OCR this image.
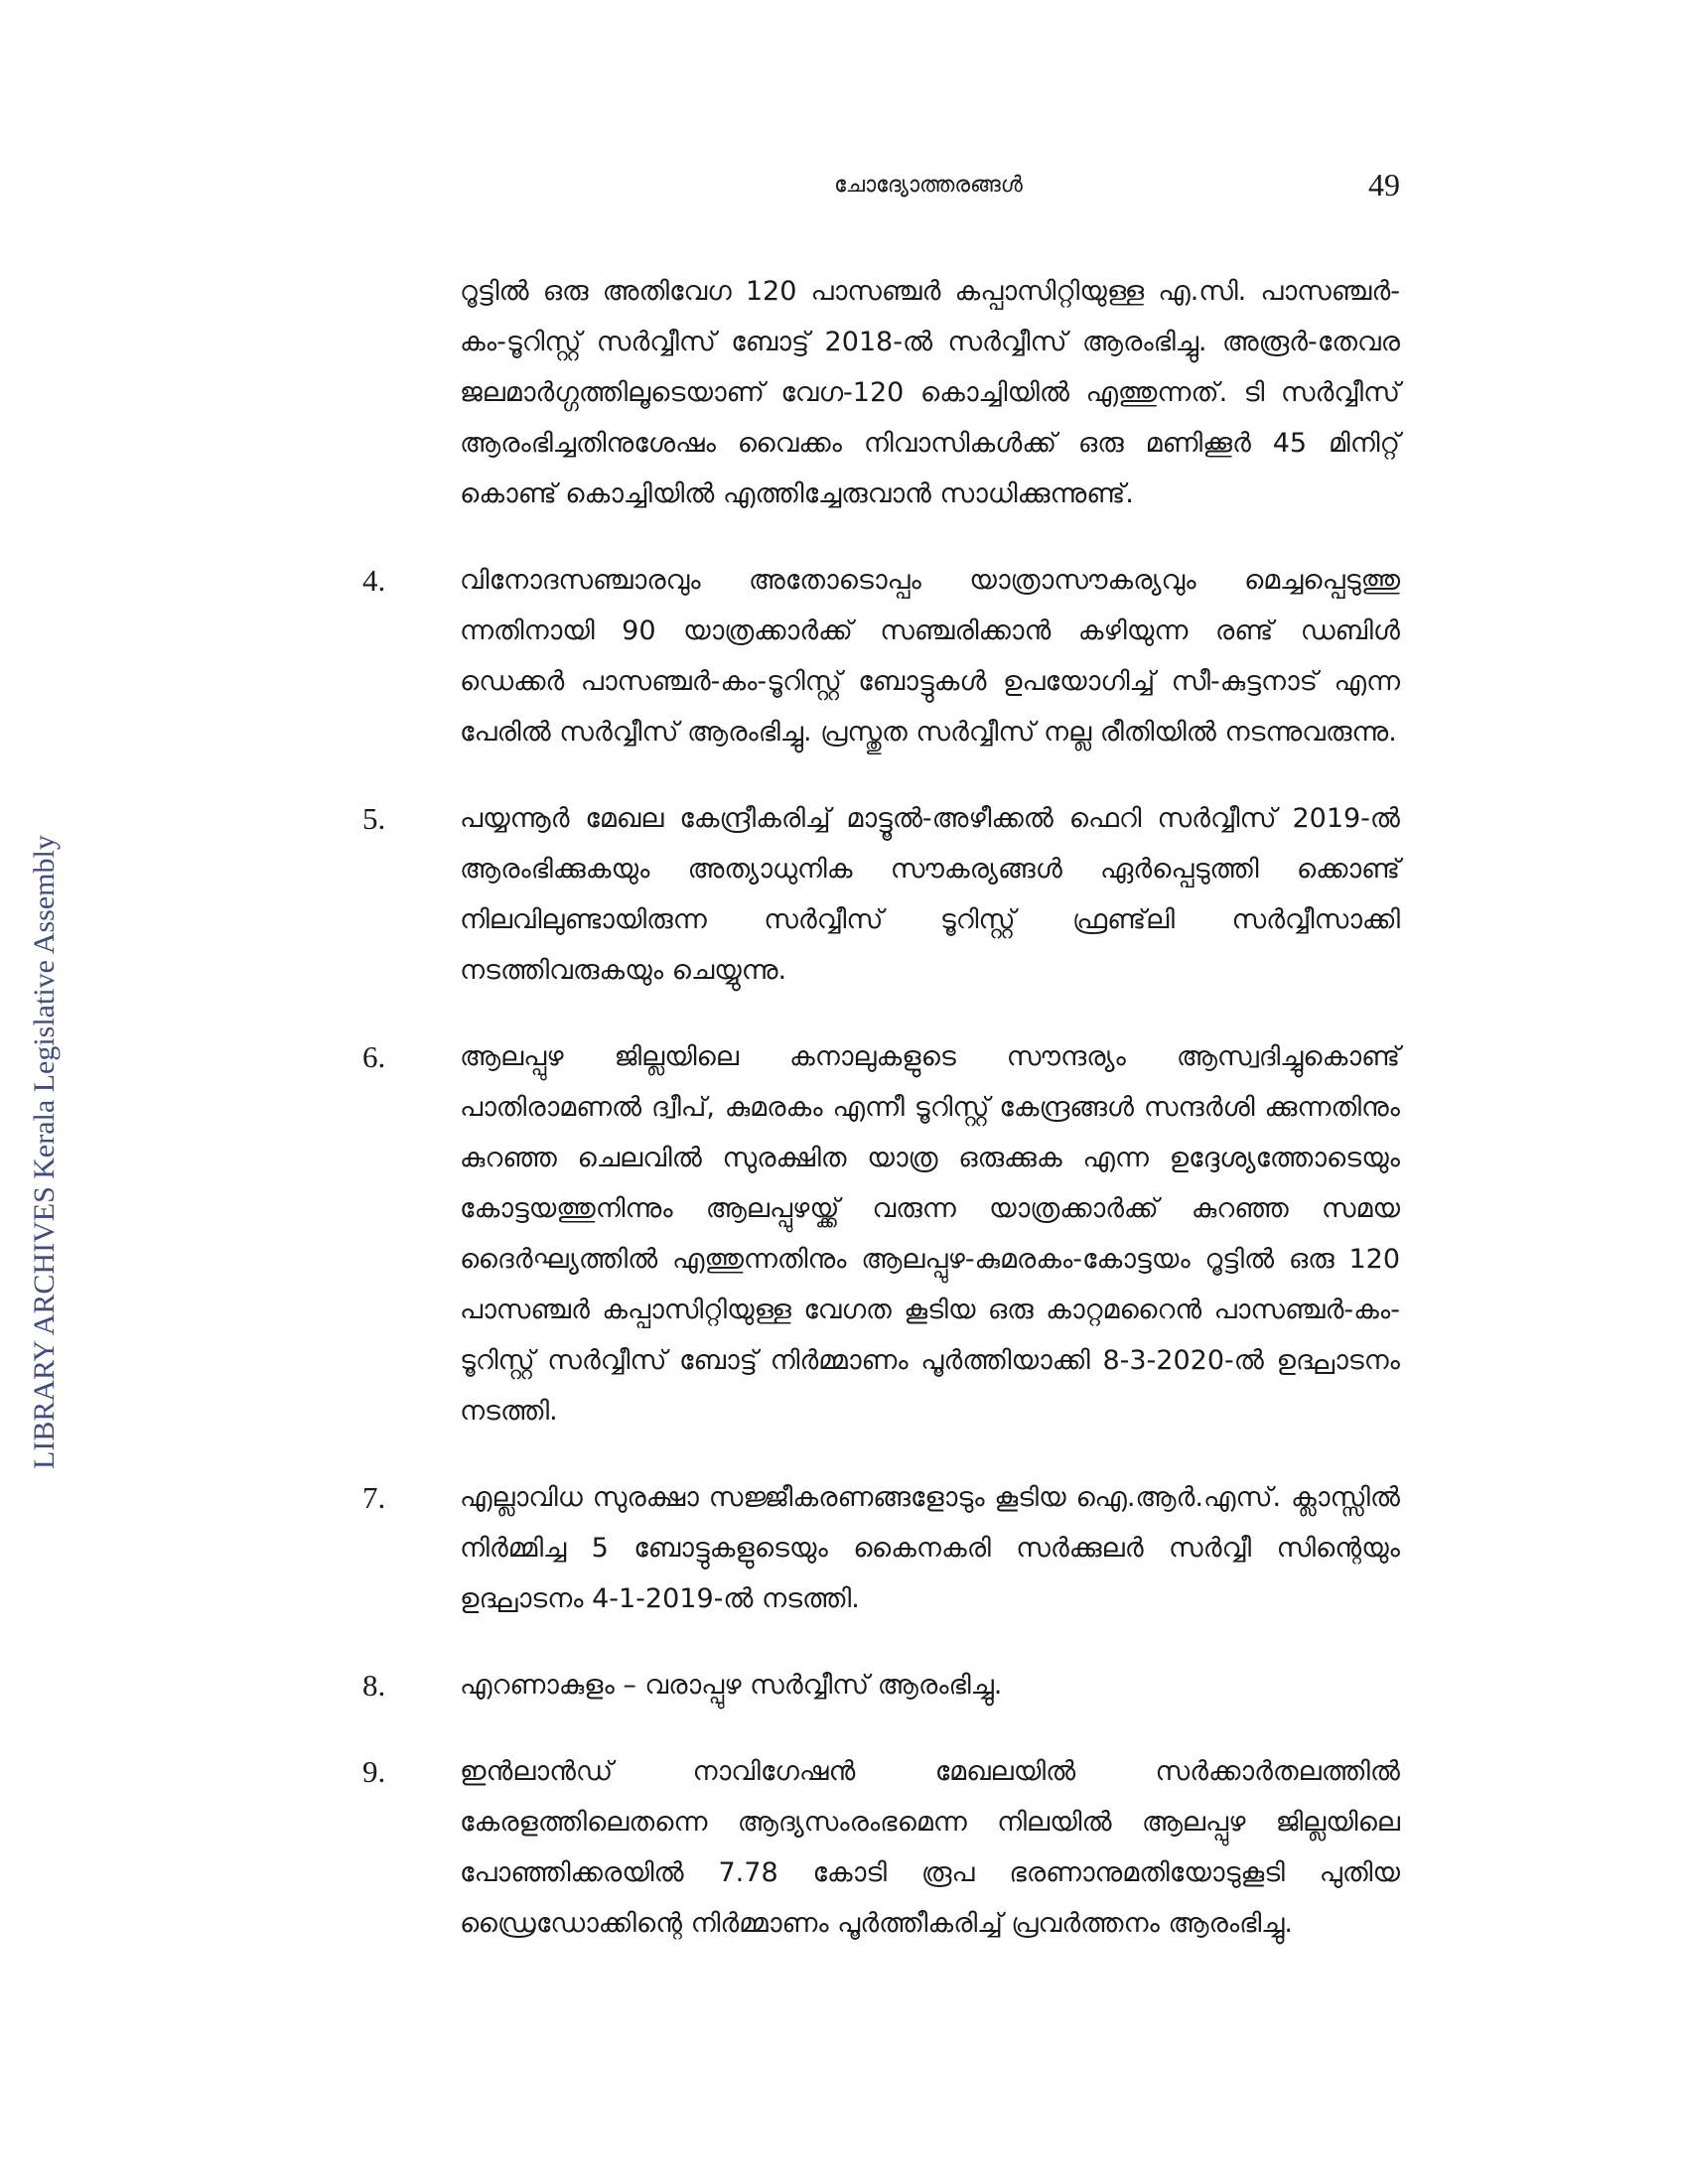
ചോദ്യോത്തരങ്ങൾ	49
LIBRARY ARCHIVES Kerala Legislative Assembly

റൂട്ടിൽ ഒരു അതിവേഗ 120 പാസഞ്ചർ കപ്പാസിറ്റിയുള്ള എ.സി. പാസഞ്ചർ-കം-ടൂറിസ്റ്റ് സർവ്വീസ് ബോട്ട് 2018-ൽ സർവ്വീസ് ആരംഭിച്ചു. അരൂർ-തേവര ജലമാർഗ്ഗത്തിലൂടെയാണ് വേഗ-120 കൊച്ചിയിൽ എത്തുന്നത്. ടി സർവ്വീസ് ആരംഭിച്ചതിനുശേഷം വൈക്കം നിവാസികൾക്ക് ഒരു മണിക്കൂർ 45 മിനിറ്റ് കൊണ്ട് കൊച്ചിയിൽ എത്തിച്ചേരുവാൻ സാധിക്കുന്നുണ്ട്.

4.	വിനോദസഞ്ചാരവും അതോടൊപ്പം യാത്രാസൗകര്യവും മെച്ചപ്പെടുത്തു ന്നതിനായി 90 യാത്രക്കാർക്ക് സഞ്ചരിക്കാൻ കഴിയുന്ന രണ്ട് ഡബിൾ ഡെക്കർ പാസഞ്ചർ-കം-ടൂറിസ്റ്റ് ബോട്ടുകൾ ഉപയോഗിച്ച് സീ-കുട്ടനാട് എന്ന പേരിൽ സർവ്വീസ് ആരംഭിച്ചു. പ്രസ്തുത സർവ്വീസ് നല്ല രീതിയിൽ നടന്നുവരുന്നു.
5.	പയ്യന്നൂർ മേഖല കേന്ദ്രീകരിച്ച് മാട്ടൂൽ-അഴീക്കൽ ഫെറി സർവ്വീസ് 2019-ൽ ആരംഭിക്കുകയും അത്യാധുനിക സൗകര്യങ്ങൾ ഏർപ്പെടുത്തി ക്കൊണ്ട് നിലവിലുണ്ടായിരുന്ന സർവ്വീസ് ടൂറിസ്റ്റ് ഫ്രണ്ട്‌ലി സർവ്വീസാക്കി നടത്തിവരുകയും ചെയ്യുന്നു.
6.	ആലപ്പുഴ ജില്ലയിലെ കനാലുകളുടെ സൗന്ദര്യം ആസ്വദിച്ചുകൊണ്ട് പാതിരാമണൽ ദ്വീപ്, കുമരകം എന്നീ ടൂറിസ്റ്റ് കേന്ദ്രങ്ങൾ സന്ദർശി ക്കുന്നതിനും കുറഞ്ഞ ചെലവിൽ സുരക്ഷിത യാത്ര ഒരുക്കുക എന്ന ഉദ്ദേശ്യത്തോടെയും കോട്ടയത്തുനിന്നും ആലപ്പുഴയ്ക്ക് വരുന്ന യാത്രക്കാർക്ക് കുറഞ്ഞ സമയ ദൈർഘ്യത്തിൽ എത്തുന്നതിനും ആലപ്പുഴ-കുമരകം-കോട്ടയം റൂട്ടിൽ ഒരു 120 പാസഞ്ചർ കപ്പാസിറ്റിയുള്ള വേഗത കൂടിയ ഒരു കാറ്റമറൈൻ പാസഞ്ചർ-കം-ടൂറിസ്റ്റ് സർവ്വീസ് ബോട്ട് നിർമ്മാണം പൂർത്തിയാക്കി 8-3-2020-ൽ ഉദ്ഘാടനം നടത്തി.
7.	എല്ലാവിധ സുരക്ഷാ സജ്ജീകരണങ്ങളോടും കൂടിയ ഐ.ആർ.എസ്. ക്ലാസ്സിൽ നിർമ്മിച്ച 5 ബോട്ടുകളുടെയും കൈനകരി സർക്കുലർ സർവ്വീ സിന്റെയും ഉദ്ഘാടനം 4-1-2019-ൽ നടത്തി.
8.	എറണാകുളം – വരാപ്പുഴ സർവ്വീസ് ആരംഭിച്ചു.
9.	ഇൻലാൻഡ് നാവിഗേഷൻ മേഖലയിൽ സർക്കാർതലത്തിൽ കേരളത്തിലെതന്നെ ആദ്യസംരംഭമെന്ന നിലയിൽ ആലപ്പുഴ ജില്ലയിലെ പോഞ്ഞിക്കരയിൽ 7.78 കോടി രൂപ ഭരണാനുമതിയോടുകൂടി പുതിയ ഡ്രൈഡോക്കിന്റെ നിർമ്മാണം പൂർത്തീകരിച്ച് പ്രവർത്തനം ആരംഭിച്ചു.
